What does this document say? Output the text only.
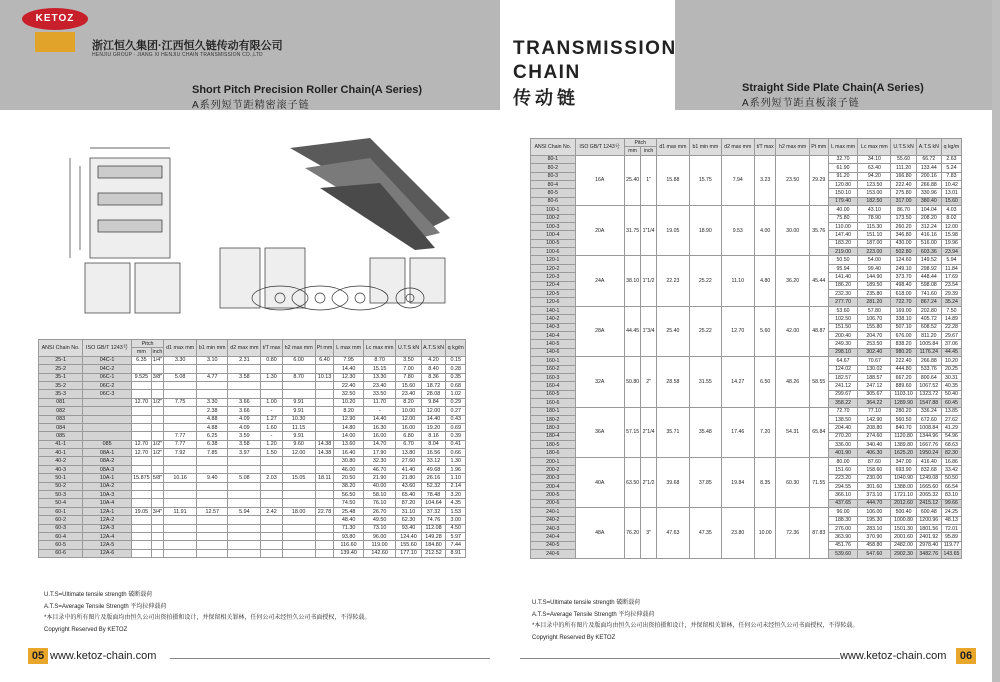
KETOZ
浙江恒久集团·江西恒久链传动有限公司
HENJIU GROUP · JIANG XI HENJIU CHAIN TRANSMISSION CO.,LTD
Short Pitch Precision Roller Chain(A Series)
A系列短节距精密滚子链
ANSI Chain No.	ISO GB/T 1243号	Pitch		d1 max mm	b1 min mm	d2 max mm	t/T max	h2 max mm	Pt mm	L max mm	Lc max mm	U.T.S kN	A.T.S kN	q kg/m
		mm	inch											
25-1	04C-1	6.35	1/4"	3.30	3.10	2.31	0.80	6.00	6.40	7.95	8.70	3.50	4.20	0.15
25-2	04C-2									14.40	15.15	7.00	8.40	0.28
35-1	06C-1	9.525	3/8"	5.08	4.77	3.58	1.30	8.70	10.13	12.30	13.30	7.80	8.36	0.35
35-2	06C-2									22.40	23.40	15.60	18.72	0.68
35-3	06C-3									32.50	33.50	23.40	28.08	1.02
081		12.70	1/2"	7.75	3.30	3.66	1.00	9.91		10.20	11.70	8.20	9.84	0.29
082					2.38	3.66	-	9.91		8.20	-	10.00	12.00	0.27
083					4.88	4.09	1.27	10.30		12.90	14.40	12.00	14.40	0.43
084					4.88	4.09	1.60	11.15		14.80	16.30	16.00	19.20	0.69
085				7.77	6.25	3.59	-	9.91		14.00	16.00	6.80	8.16	0.39
41-1	085	12.70	1/2"	7.77	6.38	3.58	1.20	9.60	14.38	13.60	14.70	6.70	8.04	0.41
40-1	08A-1	12.70	1/2"	7.92	7.85	3.97	1.50	12.00	14.38	16.40	17.90	13.80	16.56	0.66
40-2	08A-2									30.80	32.30	27.60	33.12	1.30
40-3	08A-3									46.00	46.70	41.40	49.68	1.96
50-1	10A-1	15.875	5/8"	10.16	9.40	5.08	2.03	15.05	18.11	20.50	21.90	21.80	26.16	1.10
50-2	10A-2									38.20	40.00	43.60	52.32	2.14
50-3	10A-3									56.50	58.10	65.40	78.48	3.20
50-4	10A-4									74.50	76.10	87.20	104.64	4.35
60-1	12A-1	19.05	3/4"	11.91	12.57	5.94	2.42	18.00	22.78	25.48	26.70	31.10	37.32	1.53
60-2	12A-2									48.40	49.50	62.30	74.76	3.00
60-3	12A-3									71.30	73.10	93.40	112.08	4.50
60-4	12A-4									93.80	96.00	124.40	149.28	5.97
60-5	12A-5									116.60	119.00	155.60	184.80	7.44
60-6	12A-6									139.40	142.60	177.10	212.52	8.91
U.T.S=Ultimate tensile strength 破断载荷
A.T.S=Average Tensile Strength 平均拉伸载荷
*本目录中的所有图片及版面均由恒久公司出资拍摄和设计，并保留相关罪林，任何公司未经恒久公司书面授权，不得转载。
Copyright Reserved By KETOZ
05 www.ketoz-chain.com
Straight Side Plate Chain(A Series)
A系列短节距直板滚子链
ANSI Chain No.	ISO GB/T 1243号	Pitch		d1 max mm	b1 min mm	d2 max mm	t/T max	h2 max mm	Pt mm	L max mm	Lc max mm	U.T.S kN	A.T.S kN	q kg/m
		mm	inch											
80-1	16A	25.40	1"	15.88	15.75	7.94	3.23	23.50	29.29	32.70	34.10	55.60	66.72	2.63
80-2										61.90	63.40	111.20	133.44	5.24
80-3										91.20	94.20	166.80	200.16	7.83
80-4										120.80	123.50	222.40	266.88	10.42
80-5										150.10	153.00	275.80	330.96	13.01
80-6										179.40	182.50	317.00	380.40	15.60
100-1	20A	31.75	1"1/4	19.05	18.90	9.53	4.00	30.00	35.76	40.00	43.10	86.70	104.04	4.03
100-2										75.80	78.90	173.50	208.20	8.02
100-3										110.00	115.30	260.20	312.24	12.00
100-4										147.40	151.10	346.80	416.16	15.98
100-5										183.20	187.00	430.00	516.00	19.96
100-6										219.00	223.00	502.80	603.36	23.94
120-1	24A	38.10	1"1/2	22.23	25.22	11.10	4.80	36.20	45.44	50.50	54.00	124.60	149.52	5.94
120-2										95.94	99.40	249.10	298.92	11.84
120-3										141.40	144.90	373.70	448.44	17.69
120-4										186.20	189.50	498.40	598.08	23.54
120-5										232.30	235.80	618.00	741.60	29.39
120-6										277.70	281.20	722.70	867.24	35.24
140-1	28A	44.45	1"3/4	25.40	25.22	12.70	5.60	42.00	48.87	53.60	57.80	169.00	202.80	7.50
140-2										102.50	106.70	338.10	405.72	14.89
140-3										151.50	155.80	507.10	608.52	22.28
140-4										200.40	204.70	676.00	811.20	29.67
140-5										249.30	253.50	838.20	1005.84	37.06
140-6										298.10	302.40	980.20	1176.24	44.45
160-1	32A	50.80	2"	28.58	31.55	14.27	6.50	48.26	58.55	64.67	70.67	222.40	266.88	10.20
160-2										124.02	130.02	444.80	533.76	20.25
160-3										182.57	188.57	667.20	800.64	30.31
160-4										241.12	247.12	889.60	1067.52	40.35
160-5										299.67	305.67	1103.10	1323.72	50.40
160-6										358.22	364.22	1289.90	1547.88	60.45
180-1	36A	57.15	2"1/4	35.71	35.48	17.46	7.20	54.31	65.84	72.70	77.10	280.20	336.24	13.85
180-2										138.50	142.90	560.50	672.60	27.62
180-3										204.40	208.80	840.70	1008.84	41.29
180-4										270.20	274.60	1120.80	1344.96	54.96
180-5										336.00	340.40	1389.80	1667.76	68.63
180-6										401.90	406.30	1625.20	1950.24	82.30
200-1	40A	63.50	2"1/2	39.68	37.85	19.84	8.35	60.30	71.55	80.00	87.60	347.00	416.40	16.86
200-2										151.60	158.60	693.90	832.68	33.42
200-3										223.20	230.00	1040.90	1249.08	50.50
200-4										294.55	301.60	1388.00	1665.60	66.54
200-5										366.10	373.10	1721.10	2065.32	83.10
200-6										437.65	444.70	2012.60	2415.12	99.66
240-1	48A	76.20	3"	47.63	47.35	23.80	10.00	72.36	87.83	96.00	106.00	500.40	600.48	24.25
240-2										188.30	195.30	1000.80	1200.96	48.13
240-3										276.00	283.10	1501.30	1801.56	72.01
240-4										363.90	370.90	2001.60	2401.92	95.89
240-5										451.76	458.80	2482.00	2978.40	119.77
240-6										539.60	547.60	2902.30	3482.76	143.65
U.T.S=Ultimate tensile strength 破断载荷
A.T.S=Average Tensile Strength 平均拉伸载荷
*本目录中的所有图片及版面均由恒久公司出资拍摄和设计，并保留相关罪林，任何公司未经恒久公司书面授权，不得转载。
Copyright Reserved By KETOZ
www.ketoz-chain.com	06
TRANSMISSION
CHAIN
传动链
